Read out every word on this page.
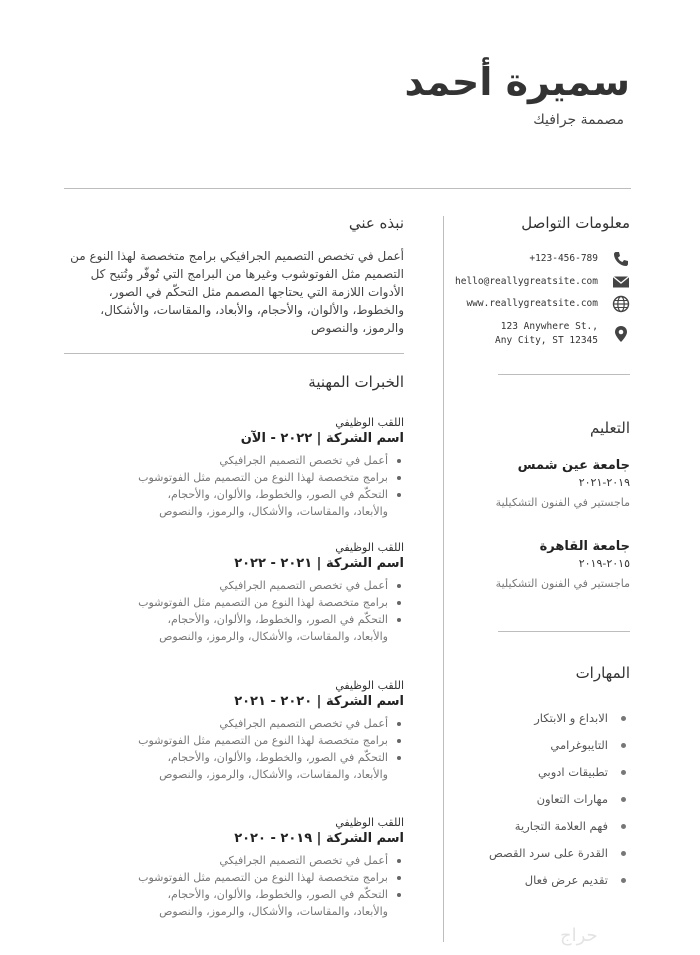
سميرة أحمد
مصممة جرافيك
معلومات التواصل
+123-456-789
hello@reallygreatsite.com
www.reallygreatsite.com
123 Anywhere St.,
Any City, ST 12345
التعليم
جامعة عين شمس
٢٠١٩-٢٠٢١
ماجستير في الفنون التشكيلية
جامعة القاهرة
٢٠١٥-٢٠١٩
ماجستير في الفنون التشكيلية
المهارات
الابداع و الابتكار
التايبوغرامي
تطبيقات ادوبي
مهارات التعاون
فهم العلامة التجارية
القدرة على سرد القصص
تقديم عرض فعال
نبذه عني
أعمل في تخصص التصميم الجرافيكي برامج متخصصة لهذا النوع من التصميم مثل الفوتوشوب وغيرها من البرامج التي تُوفّر وتُتيح كل الأدوات اللازمة التي يحتاجها المصمم مثل التحكّم في الصور، والخطوط، والألوان، والأحجام، والأبعاد، والمقاسات، والأشكال، والرموز، والنصوص
الخبرات المهنية
اللقب الوظيفي
اسم الشركة | ٢٠٢٢ - الآن
أعمل في تخصص التصميم الجرافيكي
برامج متخصصة لهذا النوع من التصميم مثل الفوتوشوب
التحكّم في الصور، والخطوط، والألوان، والأحجام، والأبعاد، والمقاسات، والأشكال، والرموز، والنصوص
اللقب الوظيفي
اسم الشركة | ٢٠٢١ - ٢٠٢٢
أعمل في تخصص التصميم الجرافيكي
برامج متخصصة لهذا النوع من التصميم مثل الفوتوشوب
التحكّم في الصور، والخطوط، والألوان، والأحجام، والأبعاد، والمقاسات، والأشكال، والرموز، والنصوص
اللقب الوظيفي
اسم الشركة | ٢٠٢٠ - ٢٠٢١
أعمل في تخصص التصميم الجرافيكي
برامج متخصصة لهذا النوع من التصميم مثل الفوتوشوب
التحكّم في الصور، والخطوط، والألوان، والأحجام، والأبعاد، والمقاسات، والأشكال، والرموز، والنصوص
اللقب الوظيفي
اسم الشركة | ٢٠١٩ - ٢٠٢٠
أعمل في تخصص التصميم الجرافيكي
برامج متخصصة لهذا النوع من التصميم مثل الفوتوشوب
التحكّم في الصور، والخطوط، والألوان، والأحجام، والأبعاد، والمقاسات، والأشكال، والرموز، والنصوص
حراج
